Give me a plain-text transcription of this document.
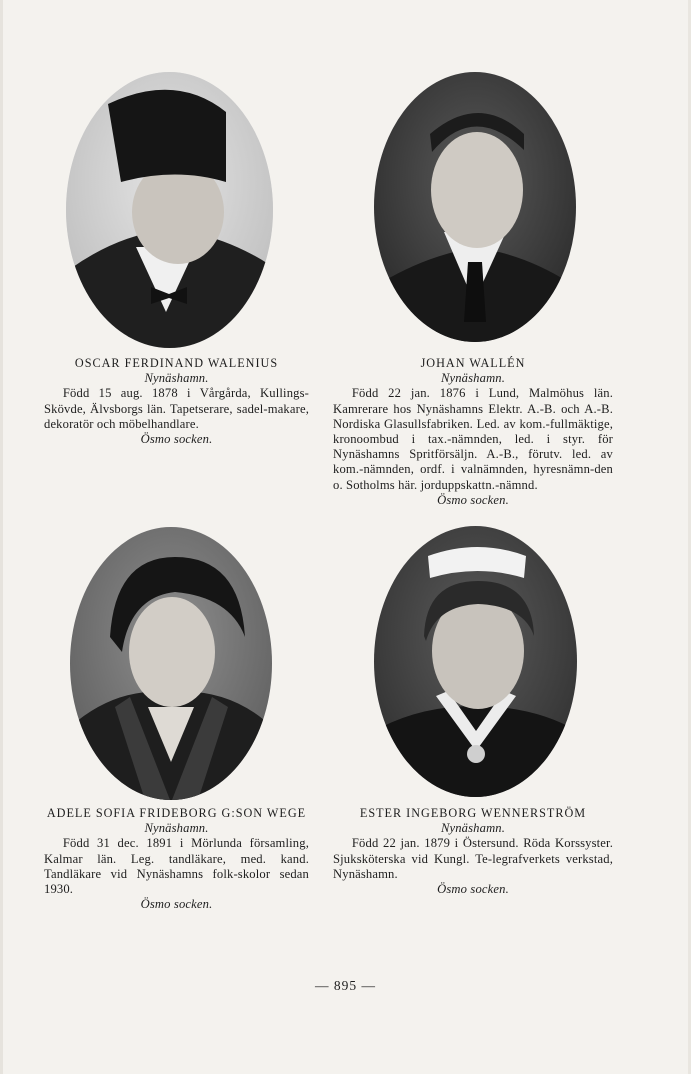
OSCAR FERDINAND WALENIUS
Nynäshamn.
Född 15 aug. 1878 i Vårgårda, Kullings-Skövde, Älvsborgs län. Tapetserare, sadel-makare, dekoratör och möbelhandlare.
Ösmo socken.
JOHAN WALLÉN
Nynäshamn.
Född 22 jan. 1876 i Lund, Malmöhus län. Kamrerare hos Nynäshamns Elektr. A.-B. och A.-B. Nordiska Glasullsfabriken. Led. av kom.-fullmäktige, kronoombud i tax.-nämnden, led. i styr. för Nynäshamns Spritförsäljn. A.-B., förutv. led. av kom.-nämnden, ordf. i valnämnden, hyresnämn-den o. Sotholms här. jorduppskattn.-nämnd.
Ösmo socken.
ADELE SOFIA FRIDEBORG G:SON WEGE
Nynäshamn.
Född 31 dec. 1891 i Mörlunda församling, Kalmar län. Leg. tandläkare, med. kand. Tandläkare vid Nynäshamns folk-skolor sedan 1930.
Ösmo socken.
ESTER INGEBORG WENNERSTRÖM
Nynäshamn.
Född 22 jan. 1879 i Östersund. Röda Korssyster. Sjuksköterska vid Kungl. Te-legrafverkets verkstad, Nynäshamn.
Ösmo socken.
— 895 —
